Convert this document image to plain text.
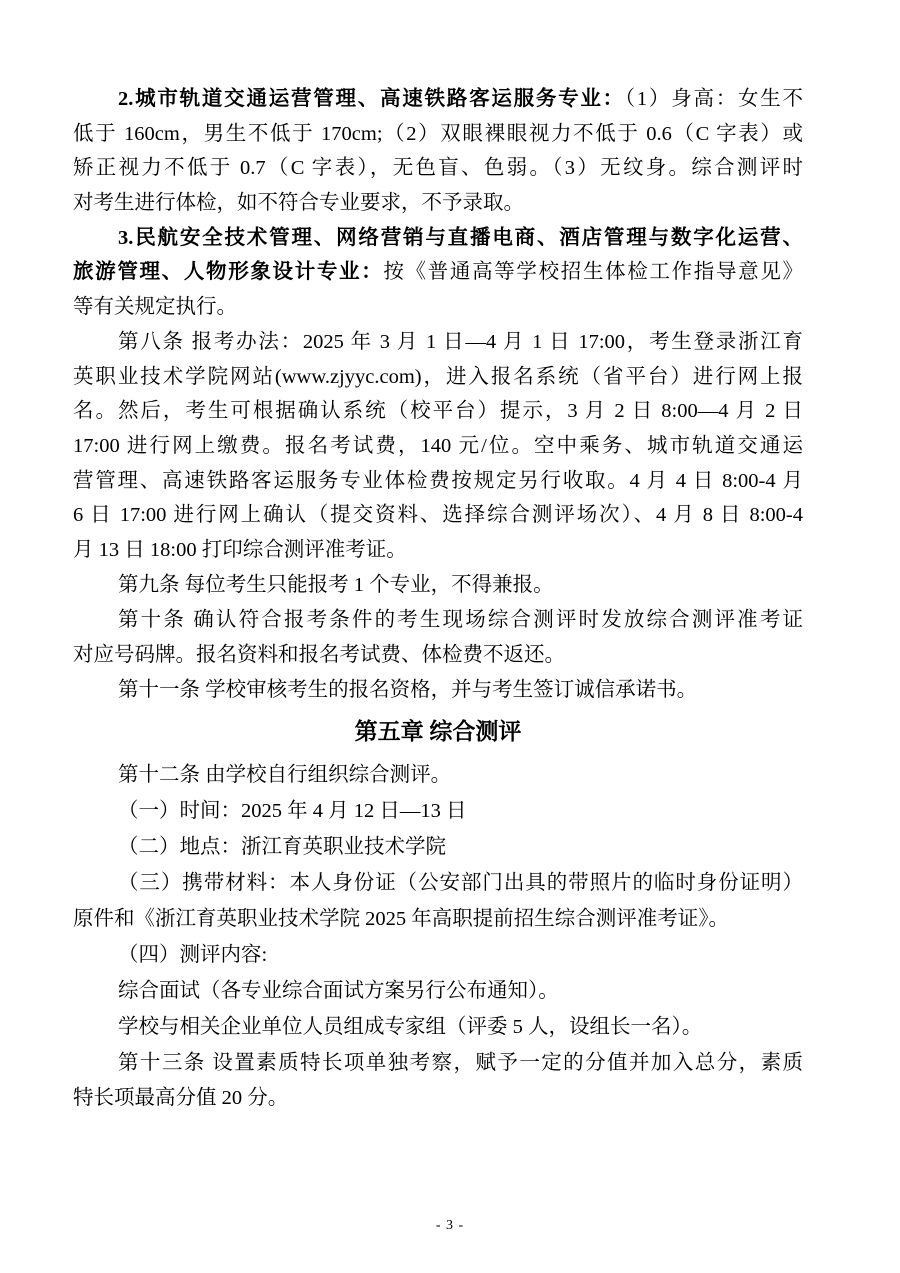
2.城市轨道交通运营管理、高速铁路客运服务专业：（1）身高：女生不
低于 160cm，男生不低于 170cm;（2）双眼裸眼视力不低于 0.6（C 字表）或
矫正视力不低于 0.7（C 字表），无色盲、色弱。（3）无纹身。综合测评时
对考生进行体检，如不符合专业要求，不予录取。
3.民航安全技术管理、网络营销与直播电商、酒店管理与数字化运营、
旅游管理、人物形象设计专业：按《普通高等学校招生体检工作指导意见》
等有关规定执行。
第八条 报考办法：2025 年 3 月 1 日—4 月 1 日 17:00，考生登录浙江育
英职业技术学院网站(www.zjyyc.com)，进入报名系统（省平台）进行网上报
名。然后，考生可根据确认系统（校平台）提示，3 月 2 日 8:00—4 月 2 日
17:00 进行网上缴费。报名考试费，140 元/位。空中乘务、城市轨道交通运
营管理、高速铁路客运服务专业体检费按规定另行收取。4 月 4 日 8:00-4 月
6 日 17:00 进行网上确认（提交资料、选择综合测评场次）、4 月 8 日 8:00-4
月 13 日 18:00 打印综合测评准考证。
第九条 每位考生只能报考 1 个专业，不得兼报。
第十条 确认符合报考条件的考生现场综合测评时发放综合测评准考证
对应号码牌。报名资料和报名考试费、体检费不返还。
第十一条 学校审核考生的报名资格，并与考生签订诚信承诺书。
第五章 综合测评
第十二条 由学校自行组织综合测评。
（一）时间：2025 年 4 月 12 日—13 日
（二）地点：浙江育英职业技术学院
（三）携带材料：本人身份证（公安部门出具的带照片的临时身份证明）
原件和《浙江育英职业技术学院 2025 年高职提前招生综合测评准考证》。
（四）测评内容:
综合面试（各专业综合面试方案另行公布通知）。
学校与相关企业单位人员组成专家组（评委 5 人，设组长一名）。
第十三条 设置素质特长项单独考察，赋予一定的分值并加入总分，素质
特长项最高分值 20 分。
- 3 -
